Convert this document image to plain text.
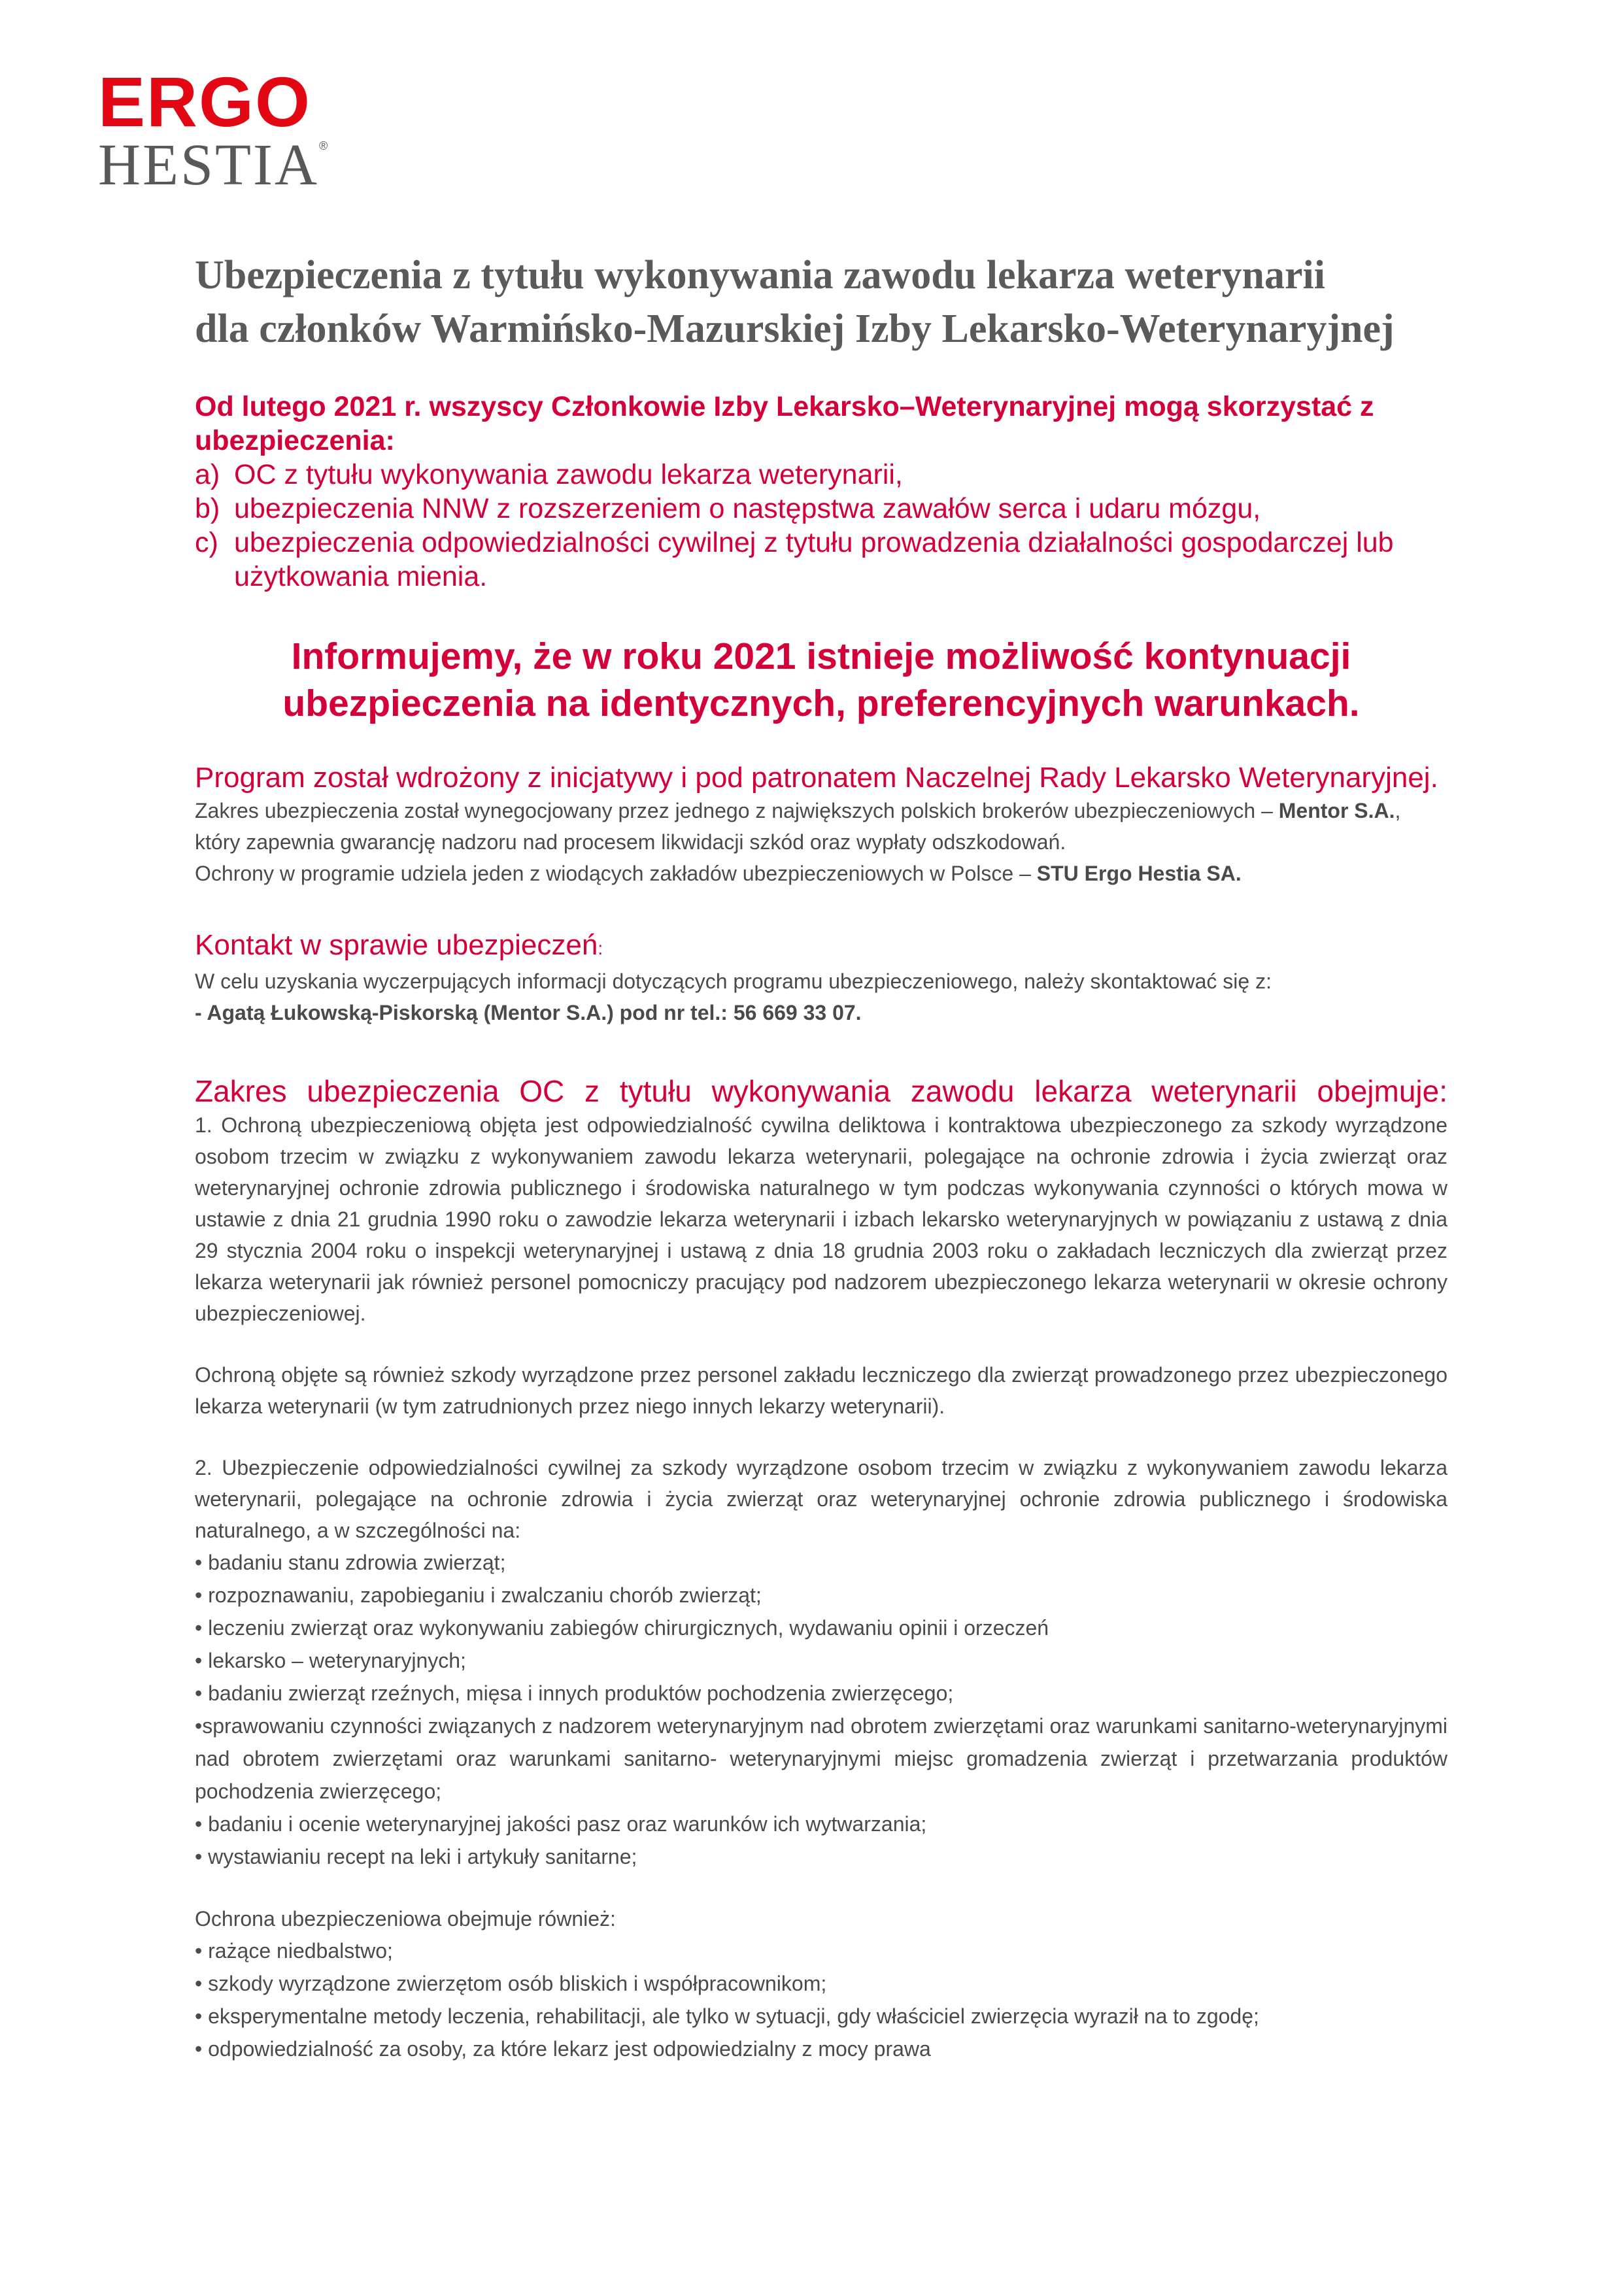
ERGO
HESTIA®
Ubezpieczenia z tytułu wykonywania zawodu lekarza weterynarii
dla członków Warmińsko-Mazurskiej Izby Lekarsko-Weterynaryjnej

Od lutego 2021 r. wszyscy Członkowie Izby Lekarsko–Weterynaryjnej mogą skorzystać z ubezpieczenia:

a) OC z tytułu wykonywania zawodu lekarza weterynarii,
b) ubezpieczenia NNW z rozszerzeniem o następstwa zawałów serca i udaru mózgu,
c) ubezpieczenia odpowiedzialności cywilnej z tytułu prowadzenia działalności gospodarczej lub użytkowania mienia.

Informujemy, że w roku 2021 istnieje możliwość kontynuacji
ubezpieczenia na identycznych, preferencyjnych warunkach.

Program został wdrożony z inicjatywy i pod patronatem Naczelnej Rady Lekarsko Weterynaryjnej.

Zakres ubezpieczenia został wynegocjowany przez jednego z największych polskich brokerów ubezpieczeniowych – Mentor S.A., który zapewnia gwarancję nadzoru nad procesem likwidacji szkód oraz wypłaty odszkodowań.

Ochrony w programie udziela jeden z wiodących zakładów ubezpieczeniowych w Polsce – STU Ergo Hestia SA.

Kontakt w sprawie ubezpieczeń:

W celu uzyskania wyczerpujących informacji dotyczących programu ubezpieczeniowego, należy skontaktować się z:

- Agatą Łukowską-Piskorską (Mentor S.A.) pod nr tel.: 56 669 33 07.

Zakres ubezpieczenia OC z tytułu wykonywania zawodu lekarza weterynarii obejmuje:

1. Ochroną ubezpieczeniową objęta jest odpowiedzialność cywilna deliktowa i kontraktowa ubezpieczonego za szkody wyrządzone osobom trzecim w związku z wykonywaniem zawodu lekarza weterynarii, polegające na ochronie zdrowia i życia zwierząt oraz weterynaryjnej ochronie zdrowia publicznego i środowiska naturalnego w tym podczas wykonywania czynności o których mowa w ustawie z dnia 21 grudnia 1990 roku o zawodzie lekarza weterynarii i izbach lekarsko weterynaryjnych w powiązaniu z ustawą z dnia 29 stycznia 2004 roku o inspekcji weterynaryjnej i ustawą z dnia 18 grudnia 2003 roku o zakładach leczniczych dla zwierząt przez lekarza weterynarii jak również personel pomocniczy pracujący pod nadzorem ubezpieczonego lekarza weterynarii w okresie ochrony ubezpieczeniowej.

Ochroną objęte są również szkody wyrządzone przez personel zakładu leczniczego dla zwierząt prowadzonego przez ubezpieczonego lekarza weterynarii (w tym zatrudnionych przez niego innych lekarzy weterynarii).

2. Ubezpieczenie odpowiedzialności cywilnej za szkody wyrządzone osobom trzecim w związku z wykonywaniem zawodu lekarza weterynarii, polegające na ochronie zdrowia i życia zwierząt oraz weterynaryjnej ochronie zdrowia publicznego i środowiska naturalnego, a w szczególności na:

• badaniu stanu zdrowia zwierząt;
• rozpoznawaniu, zapobieganiu i zwalczaniu chorób zwierząt;
• leczeniu zwierząt oraz wykonywaniu zabiegów chirurgicznych, wydawaniu opinii i orzeczeń
• lekarsko – weterynaryjnych;
• badaniu zwierząt rzeźnych, mięsa i innych produktów pochodzenia zwierzęcego;
•sprawowaniu czynności związanych z nadzorem weterynaryjnym nad obrotem zwierzętami oraz warunkami sanitarno-weterynaryjnymi nad obrotem zwierzętami oraz warunkami sanitarno- weterynaryjnymi miejsc gromadzenia zwierząt i przetwarzania produktów pochodzenia zwierzęcego;
• badaniu i ocenie weterynaryjnej jakości pasz oraz warunków ich wytwarzania;
• wystawianiu recept na leki i artykuły sanitarne;

Ochrona ubezpieczeniowa obejmuje również:

• rażące niedbalstwo;
• szkody wyrządzone zwierzętom osób bliskich i współpracownikom;
• eksperymentalne metody leczenia, rehabilitacji, ale tylko w sytuacji, gdy właściciel zwierzęcia wyraził na to zgodę;
• odpowiedzialność za osoby, za które lekarz jest odpowiedzialny z mocy prawa
